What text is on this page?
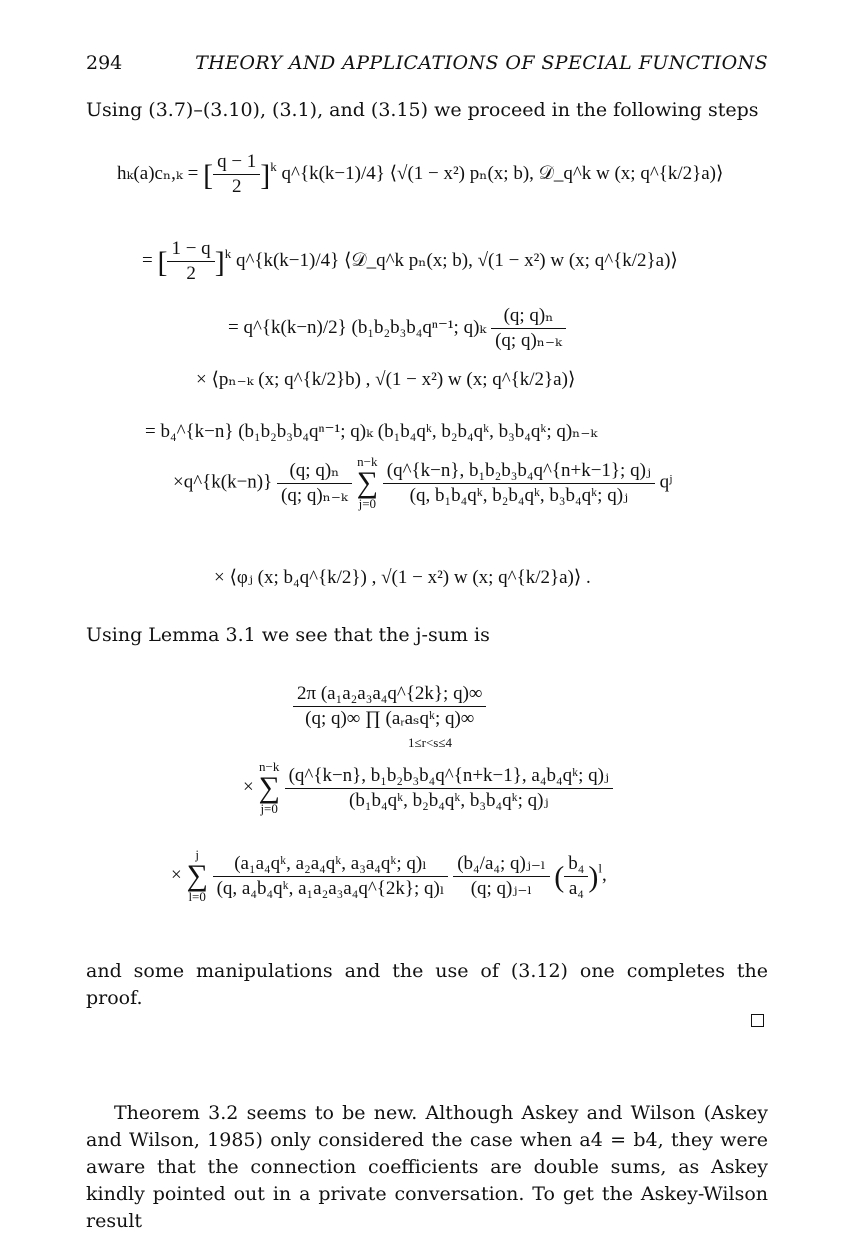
294	THEORY AND APPLICATIONS OF SPECIAL FUNCTIONS
Using (3.7)–(3.10), (3.1), and (3.15) we proceed in the following steps
hₖ(a)cₙ,ₖ = [ $\frac{q - 1}{2} ]^k$ q^{k(k−1)/4} ⟨√(1 − x²) pₙ(x; b), 𝒟_q^k w (x; q^{k/2}a)⟩
= [ $\frac{1 - q}{2} ]^k$ q^{k(k−1)/4} ⟨𝒟_q^k pₙ(x; b), √(1 − x²) w (x; q^{k/2}a)⟩
= q^{k(k−n)/2} (b₁b₂b₃b₄qⁿ⁻¹; $q)_k \frac{\text{(q; q)ₙ}}{\text{(q; q)ₙ₋ₖ}}$
× ⟨pₙ₋ₖ (x; q^{k/2}b) , √(1 − x²) w (x; q^{k/2}a)⟩
= b₄^{k−n} (b₁b₂b₃b₄qⁿ⁻¹; q)ₖ (b₁b₄qᵏ, b₂b₄qᵏ, b₃b₄qᵏ; q)ₙ₋ₖ
×q^{k(k−n)} $\frac{\text{(q; q)ₙ}}{\text{(q; q)ₙ₋ₖ}}$
n−k
∑
j=0
$\frac{\text{(q\textasciicircum{}\{k−n\}, b₁b₂b₃b₄q\textasciicircum{}\{n+k−1\}; q)ⱼ}}{\text{(q, b₁b₄qᵏ, b₂b₄qᵏ, b₃b₄qᵏ; q)ⱼ}}$ qʲ
× ⟨φⱼ (x; b₄q^{k/2}) , √(1 − x²) w (x; q^{k/2}a)⟩ .
Using Lemma 3.1 we see that the j-sum is
2π (a₁a₂a₃a₄q^{2k}; q)∞
(q; q)∞ ∏ (aᵣaₛqᵏ; q)∞
1≤r<s≤4
×
n−k
∑
j=0
$\frac{\text{(q\textasciicircum{}\{k−n\}, b₁b₂b₃b₄q\textasciicircum{}\{n+k−1\}, a₄b₄qᵏ; q)ⱼ}}{\text{(b₁b₄qᵏ, b₂b₄qᵏ, b₃b₄qᵏ; q)ⱼ}}$
×
j
∑
l=0
$\frac{\text{(a₁a₄qᵏ, a₂a₄qᵏ, a₃a₄qᵏ; q)ₗ}}{\text{(q, a₄b₄qᵏ, a₁a₂a₃a₄q\textasciicircum{}\{2k\}; q)ₗ}}$
$\frac{\text{(b₄/a₄; q)ⱼ₋ₗ}}{\text{(q; q)ⱼ₋ₗ}}$ ( $\frac{\text{b₄}}{\text{a₄}} )^l$,
and some manipulations and the use of (3.12) one completes the proof.
Theorem 3.2 seems to be new. Although Askey and Wilson (Askey and Wilson, 1985) only considered the case when a4 = b4, they were aware that the connection coefficients are double sums, as Askey kindly pointed out in a private conversation. To get the Askey-Wilson result
